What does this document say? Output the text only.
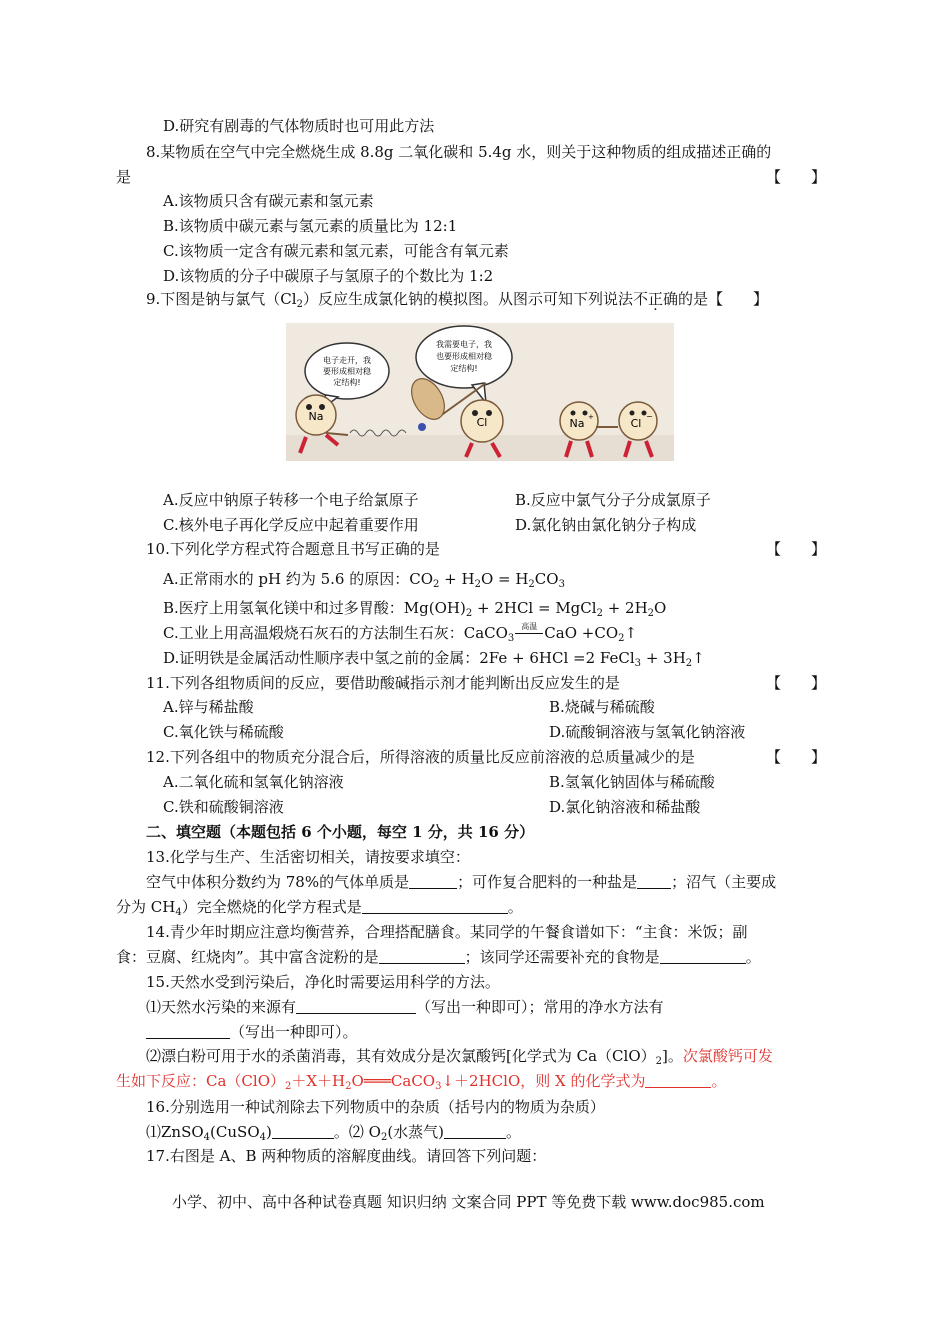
D.研究有剧毒的气体物质时也可用此方法
8.某物质在空气中完全燃烧生成 8.8g 二氧化碳和 5.4g 水，则关于这种物质的组成描述正确的
是	【　　】
A.该物质只含有碳元素和氢元素
B.该物质中碳元素与氢元素的质量比为 12:1
C.该物质一定含有碳元素和氢元素，可能含有氧元素
D.该物质的分子中碳原子与氢原子的个数比为 1:2
9.下图是钠与氯气$(Cl_2)$反应生成氯化钠的模拟图。从图示可知下列说法不正确的是【　　】
电子走开，我
要形成相对稳
定结构!
我需要电子，我
也要形成相对稳
定结构!
Na	Cl	Na +	Cl
−
A.反应中钠原子转移一个电子给氯原子	B.反应中氯气分子分成氯原子
C.核外电子再化学反应中起着重要作用	D.氯化钠由氯化钠分子构成
10.下列化学方程式符合题意且书写正确的是	【　　】
A.正常雨水的 pH 约为 5.6 的原因：$CO_2 + H_2O = H_2CO_3$
B.医疗上用氢氧化镁中和过多胃酸：$Mg(OH)_2 + 2HCl$ = MgCl$_2$ + $2H_2O$
C.工业上用高温煅烧石灰石的方法制生石灰：CaCO$_3$
高温 CaO $+CO_2↑$
D.证明铁是金属活动性顺序表中氢之前的金属：2Fe + 6HCl =2 FeCl$_3$ + $3H_2↑$
11.下列各组物质间的反应，要借助酸碱指示剂才能判断出反应发生的是	【　　】
A.锌与稀盐酸	B.烧碱与稀硫酸
C.氧化铁与稀硫酸	D.硫酸铜溶液与氢氧化钠溶液
12.下列各组中的物质充分混合后，所得溶液的质量比反应前溶液的总质量减少的是	【　　】
A.二氧化硫和氢氧化钠溶液	B.氢氧化钠固体与稀硫酸
C.铁和硫酸铜溶液	D.氯化钠溶液和稀盐酸
二、填空题（本题包括 6 个小题，每空 1 分，共 16 分）
13.化学与生产、生活密切相关，请按要求填空：
空气中体积分数约为 78%的气体单质是	；可作复合肥料的一种盐是 ；沼气（主要成
分为 $CH_4$）完全燃烧的化学方程式是	。
14.青少年时期应注意均衡营养，合理搭配膳食。某同学的午餐食谱如下：“主食：米饭；副
食：豆腐、红烧肉”。其中富含淀粉的是	；该同学还需要补充的食物是	。
15.天然水受到污染后，净化时需要运用科学的方法。
⑴天然水污染的来源有	（写出一种即可）；常用的净水方法有
（写出一种即可）。
⑵漂白粉可用于水的杀菌消毒，其有效成分是次氯酸钙[化学式为 $Ca(ClO)_2$]。次氯酸钙可发
生如下反应：$Ca(ClO)_2+X+H_2O═══CaCO_3↓+2HClO$，则 X 的化学式为	。
16.分别选用一种试剂除去下列物质中的杂质（括号内的物质为杂质）
⑴ZnSO$_4$(CuSO$_4$)	。⑵ $O_2$(水蒸气)	。
17.右图是 A、B 两种物质的溶解度曲线。请回答下列问题：
小学、初中、高中各种试卷真题 知识归纳 文案合同 PPT 等免费下载 www.doc985.com
